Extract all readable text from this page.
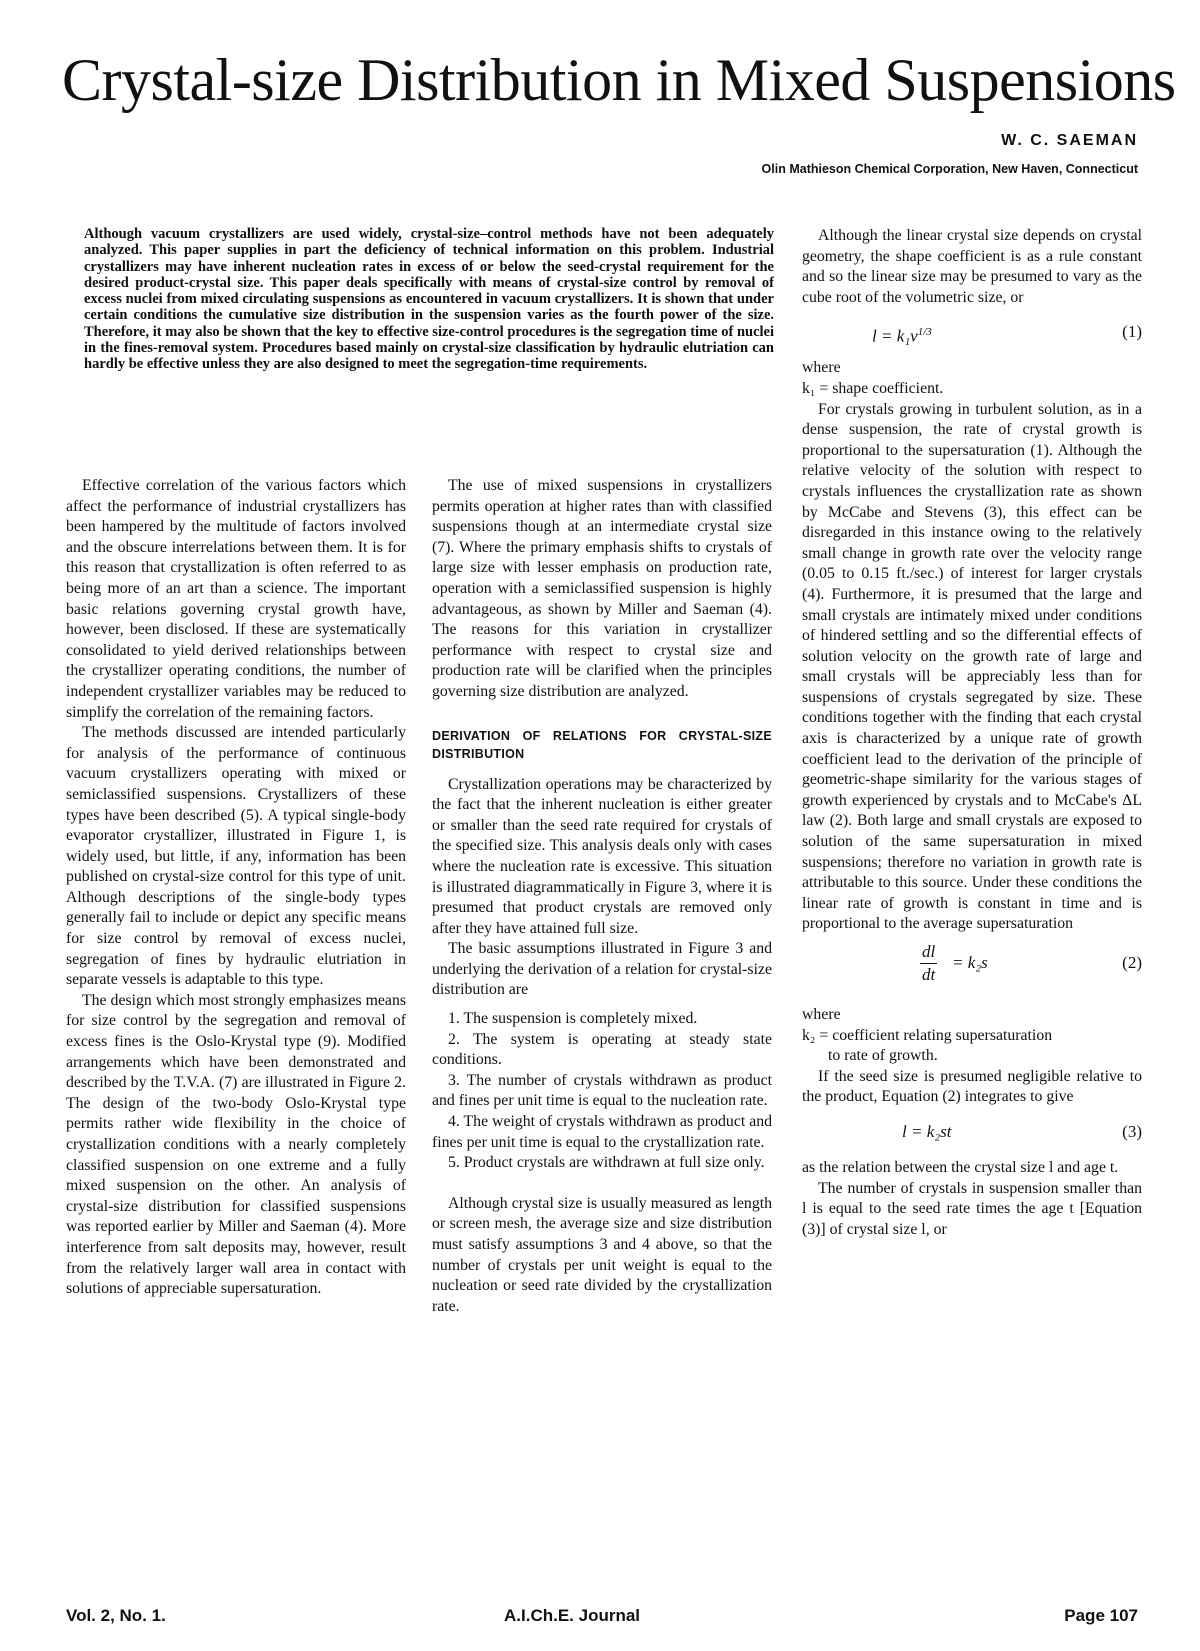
Crystal-size Distribution in Mixed Suspensions
W. C. SAEMAN
Olin Mathieson Chemical Corporation, New Haven, Connecticut
Although vacuum crystallizers are used widely, crystal-size–control methods have not been adequately analyzed. This paper supplies in part the deficiency of technical information on this problem. Industrial crystallizers may have inherent nucleation rates in excess of or below the seed-crystal requirement for the desired product-crystal size. This paper deals specifically with means of crystal-size control by removal of excess nuclei from mixed circulating suspensions as encountered in vacuum crystallizers. It is shown that under certain conditions the cumulative size distribution in the suspension varies as the fourth power of the size. Therefore, it may also be shown that the key to effective size-control procedures is the segregation time of nuclei in the fines-removal system. Procedures based mainly on crystal-size classification by hydraulic elutriation can hardly be effective unless they are also designed to meet the segregation-time requirements.

Effective correlation of the various factors which affect the performance of industrial crystallizers has been hampered by the multitude of factors involved and the obscure interrelations between them. It is for this reason that crystallization is often referred to as being more of an art than a science. The important basic relations governing crystal growth have, however, been disclosed. If these are systematically consolidated to yield derived relationships between the crystallizer operating conditions, the number of independent crystallizer variables may be reduced to simplify the correlation of the remaining factors.

The methods discussed are intended particularly for analysis of the performance of continuous vacuum crystallizers operating with mixed or semiclassified suspensions. Crystallizers of these types have been described (5). A typical single-body evaporator crystallizer, illustrated in Figure 1, is widely used, but little, if any, information has been published on crystal-size control for this type of unit. Although descriptions of the single-body types generally fail to include or depict any specific means for size control by removal of excess nuclei, segregation of fines by hydraulic elutriation in separate vessels is adaptable to this type.

The design which most strongly emphasizes means for size control by the segregation and removal of excess fines is the Oslo-Krystal type (9). Modified arrangements which have been demonstrated and described by the T.V.A. (7) are illustrated in Figure 2. The design of the two-body Oslo-Krystal type permits rather wide flexibility in the choice of crystallization conditions with a nearly completely classified suspension on one extreme and a fully mixed suspension on the other. An analysis of crystal-size distribution for classified suspensions was reported earlier by Miller and Saeman (4). More interference from salt deposits may, however, result from the relatively larger wall area in contact with solutions of appreciable supersaturation.

The use of mixed suspensions in crystallizers permits operation at higher rates than with classified suspensions though at an intermediate crystal size (7). Where the primary emphasis shifts to crystals of large size with lesser emphasis on production rate, operation with a semiclassified suspension is highly advantageous, as shown by Miller and Saeman (4). The reasons for this variation in crystallizer performance with respect to crystal size and production rate will be clarified when the principles governing size distribution are analyzed.

DERIVATION OF RELATIONS FOR CRYSTAL-SIZE DISTRIBUTION

Crystallization operations may be characterized by the fact that the inherent nucleation is either greater or smaller than the seed rate required for crystals of the specified size. This analysis deals only with cases where the nucleation rate is excessive. This situation is illustrated diagrammatically in Figure 3, where it is presumed that product crystals are removed only after they have attained full size.

The basic assumptions illustrated in Figure 3 and underlying the derivation of a relation for crystal-size distribution are

1. The suspension is completely mixed.

2. The system is operating at steady state conditions.

3. The number of crystals withdrawn as product and fines per unit time is equal to the nucleation rate.

4. The weight of crystals withdrawn as product and fines per unit time is equal to the crystallization rate.

5. Product crystals are withdrawn at full size only.

Although crystal size is usually measured as length or screen mesh, the average size and size distribution must satisfy assumptions 3 and 4 above, so that the number of crystals per unit weight is equal to the nucleation or seed rate divided by the crystallization rate.

Although the linear crystal size depends on crystal geometry, the shape coefficient is as a rule constant and so the linear size may be presumed to vary as the cube root of the volumetric size, or

$l = k_1v^{1/3}$	(1)

where

k₁ = shape coefficient.

For crystals growing in turbulent solution, as in a dense suspension, the rate of crystal growth is proportional to the supersaturation (1). Although the relative velocity of the solution with respect to crystals influences the crystallization rate as shown by McCabe and Stevens (3), this effect can be disregarded in this instance owing to the relatively small change in growth rate over the velocity range (0.05 to 0.15 ft./sec.) of interest for larger crystals (4). Furthermore, it is presumed that the large and small crystals are intimately mixed under conditions of hindered settling and so the differential effects of solution velocity on the growth rate of large and small crystals will be appreciably less than for suspensions of crystals segregated by size. These conditions together with the finding that each crystal axis is characterized by a unique rate of growth coefficient lead to the derivation of the principle of geometric-shape similarity for the various stages of growth experienced by crystals and to McCabe's ΔL law (2). Both large and small crystals are exposed to solution of the same supersaturation in mixed suspensions; therefore no variation in growth rate is attributable to this source. Under these conditions the linear rate of growth is constant in time and is proportional to the average supersaturation

$\frac{dl}{dt} = k_2s$	(2)

where

k₂ = coefficient relating supersaturation
to rate of growth.

If the seed size is presumed negligible relative to the product, Equation (2) integrates to give

l = k₂st	(3)

as the relation between the crystal size l and age t.

The number of crystals in suspension smaller than l is equal to the seed rate times the age t [Equation (3)] of crystal size l, or

Vol. 2, No. 1.	A.I.Ch.E. Journal	Page 107
